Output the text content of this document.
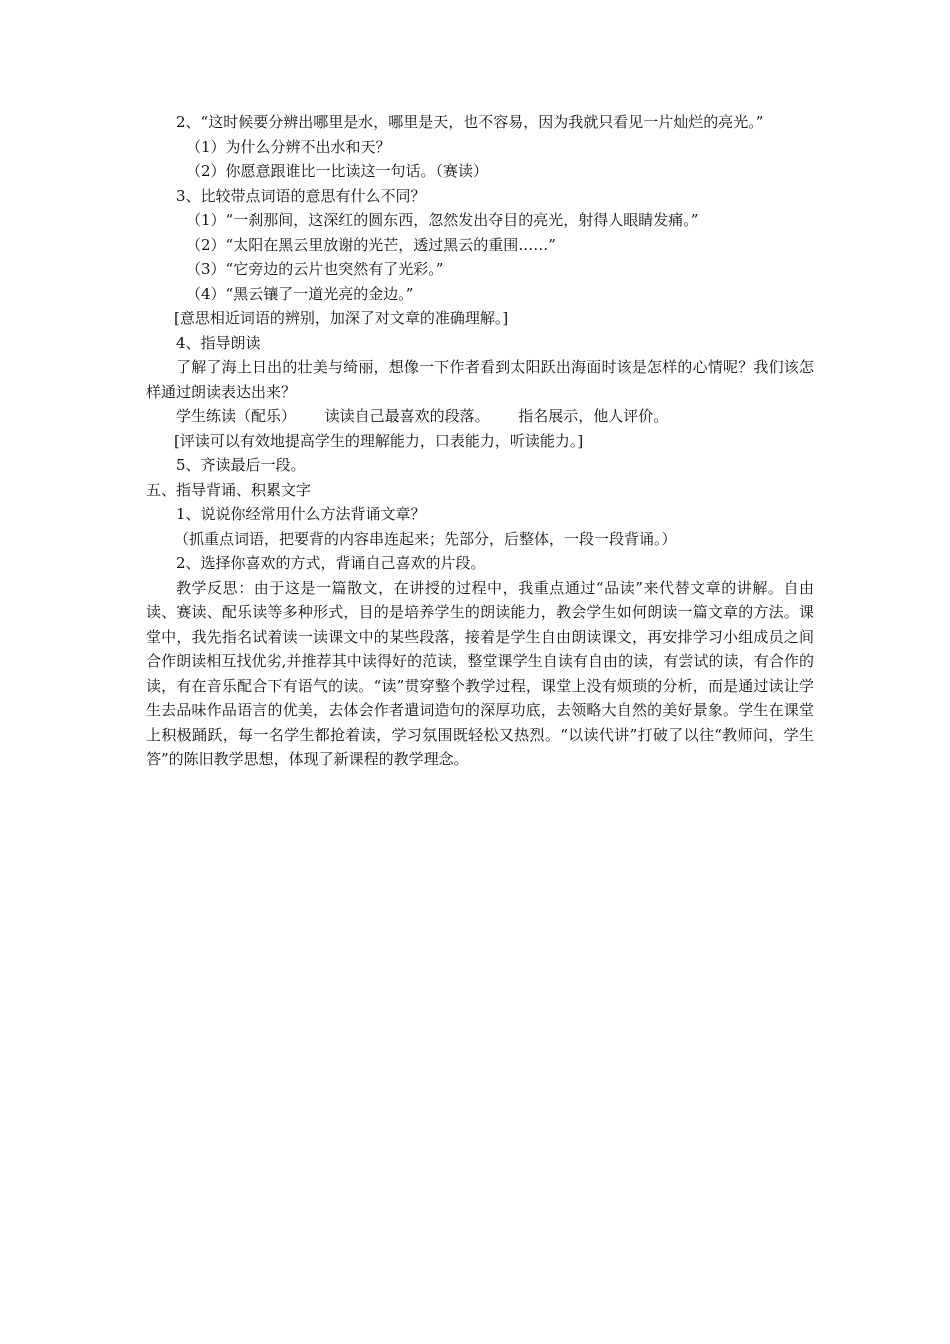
2、“这时候要分辨出哪里是水，哪里是天，也不容易，因为我就只看见一片灿烂的亮光。”

（1）为什么分辨不出水和天？

（2）你愿意跟谁比一比读这一句话。（赛读）

3、比较带点词语的意思有什么不同？

（1）“一刹那间，这深红的圆东西，忽然发出夺目的亮光，射得人眼睛发痛。”

（2）“太阳在黑云里放谢的光芒，透过黑云的重围……”

（3）“它旁边的云片也突然有了光彩。”

（4）“黑云镶了一道光亮的金边。”

[意思相近词语的辨别，加深了对文章的准确理解。]

4、指导朗读

了解了海上日出的壮美与绮丽，想像一下作者看到太阳跃出海面时该是怎样的心情呢？我们该怎样通过朗读表达出来？

学生练读（配乐）      读读自己最喜欢的段落。      指名展示，他人评价。

[评读可以有效地提高学生的理解能力，口表能力，听读能力。]

5、齐读最后一段。

五、指导背诵、积累文字

1、说说你经常用什么方法背诵文章？

（抓重点词语，把要背的内容串连起来；先部分，后整体，一段一段背诵。）

2、选择你喜欢的方式，背诵自己喜欢的片段。

教学反思：由于这是一篇散文，在讲授的过程中，我重点通过“品读”来代替文章的讲解。自由读、赛读、配乐读等多种形式，目的是培养学生的朗读能力，教会学生如何朗读一篇文章的方法。课堂中，我先指名试着读一读课文中的某些段落，接着是学生自由朗读课文，再安排学习小组成员之间合作朗读相互找优劣,并推荐其中读得好的范读，整堂课学生自读有自由的读，有尝试的读，有合作的读，有在音乐配合下有语气的读。“读”贯穿整个教学过程，课堂上没有烦琐的分析，而是通过读让学生去品味作品语言的优美，去体会作者遣词造句的深厚功底，去领略大自然的美好景象。学生在课堂上积极踊跃，每一名学生都抢着读，学习氛围既轻松又热烈。“以读代讲”打破了以往“教师问，学生答”的陈旧教学思想，体现了新课程的教学理念。
